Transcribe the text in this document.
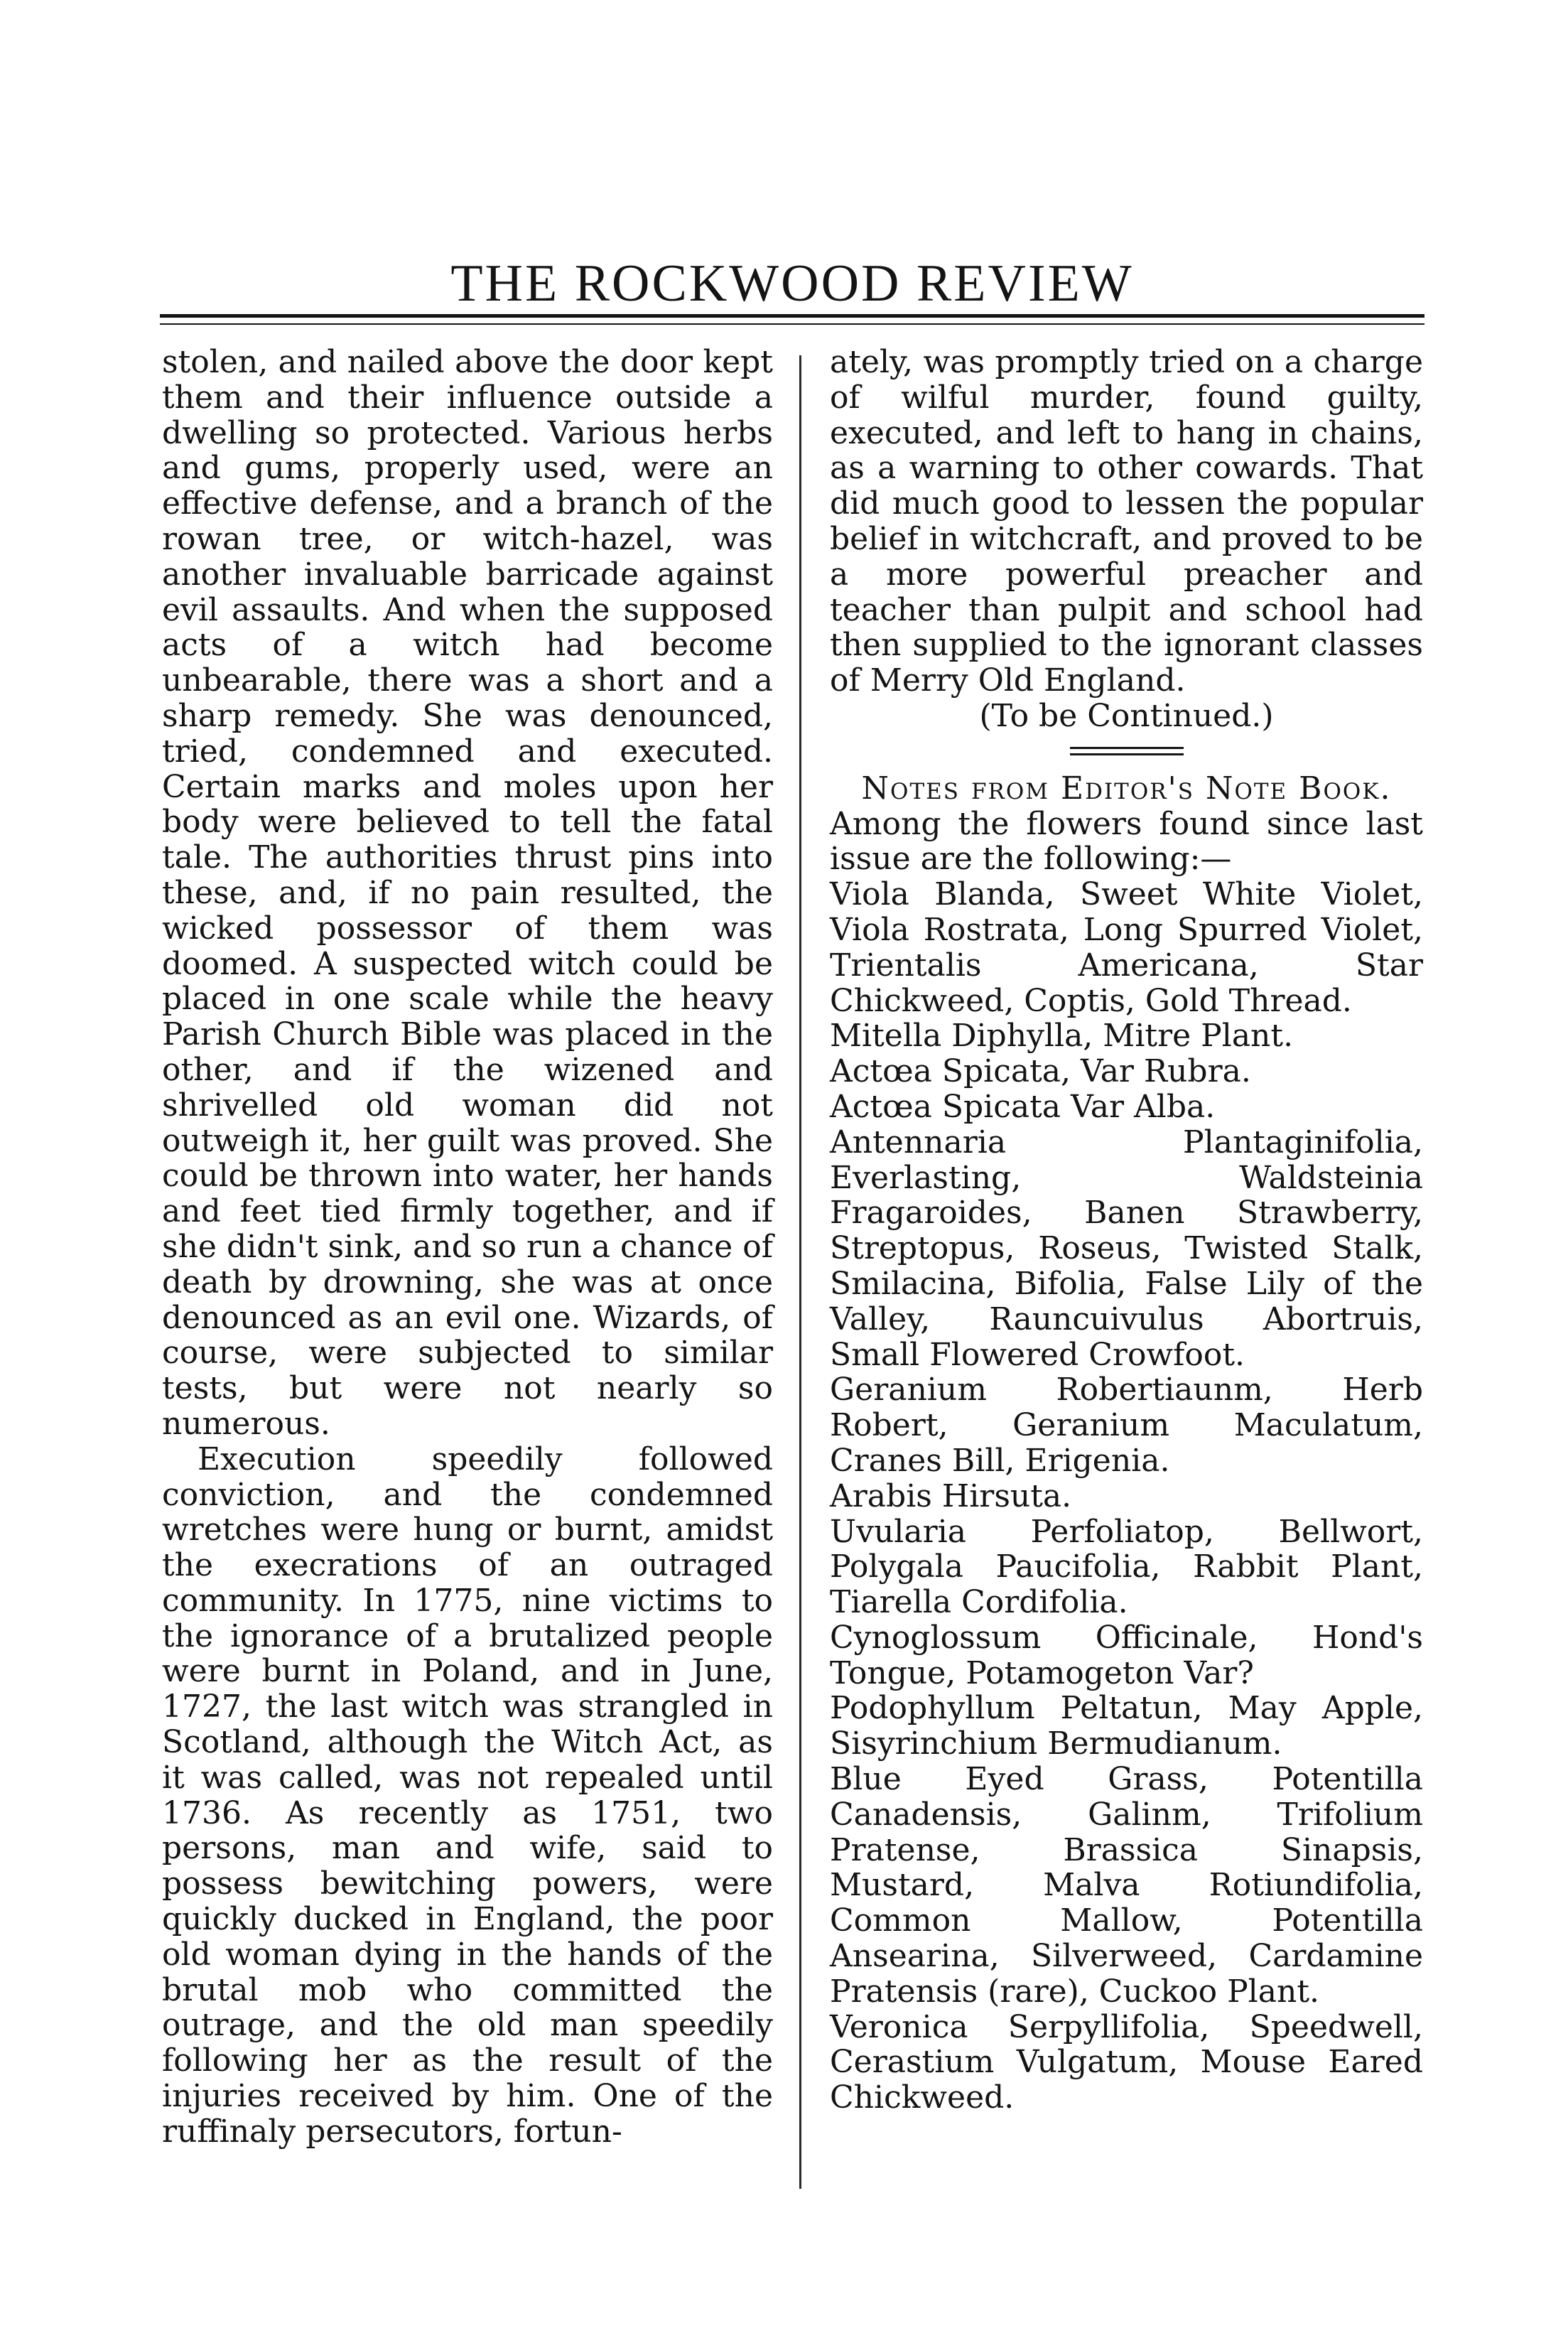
THE ROCKWOOD REVIEW

stolen, and nailed above the door kept them and their influence outside a dwelling so protected. Various herbs and gums, properly used, were an effective defense, and a branch of the rowan tree, or witch-hazel, was another invaluable barricade against evil assaults. And when the supposed acts of a witch had become unbearable, there was a short and a sharp remedy. She was denounced, tried, condemned and executed. Certain marks and moles upon her body were believed to tell the fatal tale. The authorities thrust pins into these, and, if no pain resulted, the wicked possessor of them was doomed. A suspected witch could be placed in one scale while the heavy Parish Church Bible was placed in the other, and if the wizened and shrivelled old woman did not outweigh it, her guilt was proved. She could be thrown into water, her hands and feet tied firmly together, and if she didn't sink, and so run a chance of death by drowning, she was at once denounced as an evil one. Wizards, of course, were subjected to similar tests, but were not nearly so numerous.

Execution speedily followed conviction, and the condemned wretches were hung or burnt, amidst the execrations of an outraged community. In 1775, nine victims to the ignorance of a brutalized people were burnt in Poland, and in June, 1727, the last witch was strangled in Scotland, although the Witch Act, as it was called, was not repealed until 1736. As recently as 1751, two persons, man and wife, said to possess bewitching powers, were quickly ducked in England, the poor old woman dying in the hands of the brutal mob who committed the outrage, and the old man speedily following her as the result of the injuries received by him. One of the ruffinaly persecutors, fortun-

ately, was promptly tried on a charge of wilful murder, found guilty, executed, and left to hang in chains, as a warning to other cowards. That did much good to lessen the popular belief in witchcraft, and proved to be a more powerful preacher and teacher than pulpit and school had then supplied to the ignorant classes of Merry Old England.

(To be Continued.)

Notes from Editor's Note Book.

Among the flowers found since last issue are the following:—

Viola Blanda, Sweet White Violet, Viola Rostrata, Long Spurred Violet, Trientalis Americana, Star Chickweed, Coptis, Gold Thread.

Mitella Diphylla, Mitre Plant.

Actœa Spicata, Var Rubra.

Actœa Spicata Var Alba.

Antennaria Plantaginifolia, Everlasting, Waldsteinia Fragaroides, Banen Strawberry, Streptopus, Roseus, Twisted Stalk, Smilacina, Bifolia, False Lily of the Valley, Rauncuivulus Abortruis, Small Flowered Crowfoot.

Geranium Robertiaunm, Herb Robert, Geranium Maculatum, Cranes Bill, Erigenia.

Arabis Hirsuta.

Uvularia Perfoliatop, Bellwort, Polygala Paucifolia, Rabbit Plant, Tiarella Cordifolia.

Cynoglossum Officinale, Hond's Tongue, Potamogeton Var?

Podophyllum Peltatun, May Apple, Sisyrinchium Bermudianum.

Blue Eyed Grass, Potentilla Canadensis, Galinm, Trifolium Pratense, Brassica Sinapsis, Mustard, Malva Rotiundifolia, Common Mallow, Potentilla Ansearina, Silverweed, Cardamine Pratensis (rare), Cuckoo Plant.

Veronica Serpyllifolia, Speedwell, Cerastium Vulgatum, Mouse Eared Chickweed.
